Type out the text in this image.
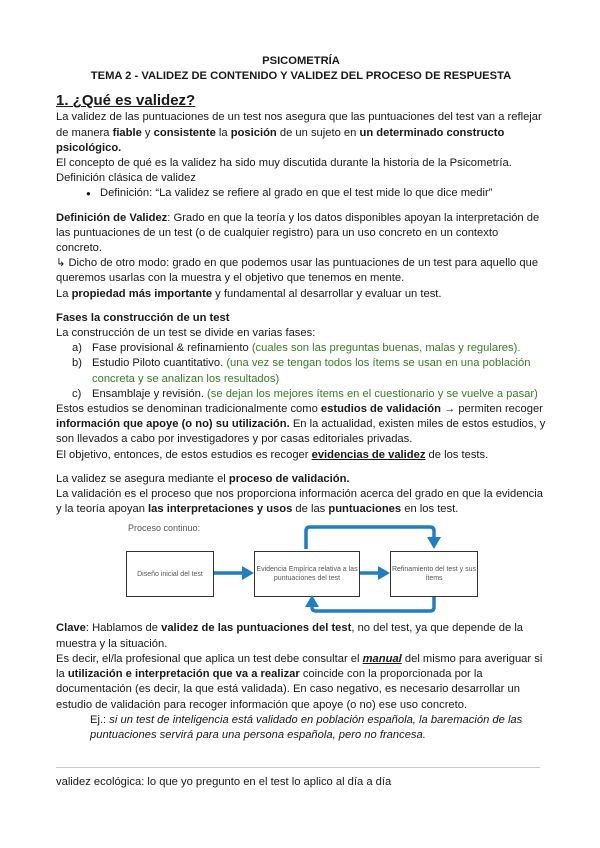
PSICOMETRÍA

TEMA 2 - VALIDEZ DE CONTENIDO Y VALIDEZ DEL PROCESO DE RESPUESTA

1. ¿Qué es validez?

La validez de las puntuaciones de un test nos asegura que las puntuaciones del test van a reflejar de manera fiable y consistente la posición de un sujeto en un determinado constructo psicológico.

El concepto de qué es la validez ha sido muy discutida durante la historia de la Psicometría.

Definición clásica de validez

● Definición: “La validez se refiere al grado en que el test mide lo que dice medir”

Definición de Validez: Grado en que la teoría y los datos disponibles apoyan la interpretación de las puntuaciones de un test (o de cualquier registro) para un uso concreto en un contexto concreto.

↳ Dicho de otro modo: grado en que podemos usar las puntuaciones de un test para aquello que queremos usarlas con la muestra y el objetivo que tenemos en mente.

La propiedad más importante y fundamental al desarrollar y evaluar un test.

Fases la construcción de un test

La construcción de un test se divide en varias fases:

a) Fase provisional & refinamiento (cuales son las preguntas buenas, malas y regulares).
b) Estudio Piloto cuantitativo. (una vez se tengan todos los ítems se usan en una población concreta y se analizan los resultados)
c) Ensamblaje y revisión. (se dejan los mejores ítems en el cuestionario y se vuelve a pasar)

Estos estudios se denominan tradicionalmente como estudios de validación → permiten recoger información que apoye (o no) su utilización. En la actualidad, existen miles de estos estudios, y son llevados a cabo por investigadores y por casas editoriales privadas.

El objetivo, entonces, de estos estudios es recoger evidencias de validez de los tests.

La validez se asegura mediante el proceso de validación.

La validación es el proceso que nos proporciona información acerca del grado en que la evidencia y la teoría apoyan las interpretaciones y usos de las puntuaciones en los test.

Proceso continuo:
Diseño inicial del test
Evidencia Empírica relativa a las puntuaciones del test
Refinamiento del test y sus ítems

Clave: Hablamos de validez de las puntuaciones del test, no del test, ya que depende de la muestra y la situación.

Es decir, el/la profesional que aplica un test debe consultar el manual del mismo para averiguar si la utilización e interpretación que va a realizar coincide con la proporcionada por la documentación (es decir, la que está validada). En caso negativo, es necesario desarrollar un estudio de validación para recoger información que apoye (o no) ese uso concreto.

Ej.: si un test de inteligencia está validado en población española, la baremación de las puntuaciones servirá para una persona española, pero no francesa.

validez ecológica: lo que yo pregunto en el test lo aplico al día a día
